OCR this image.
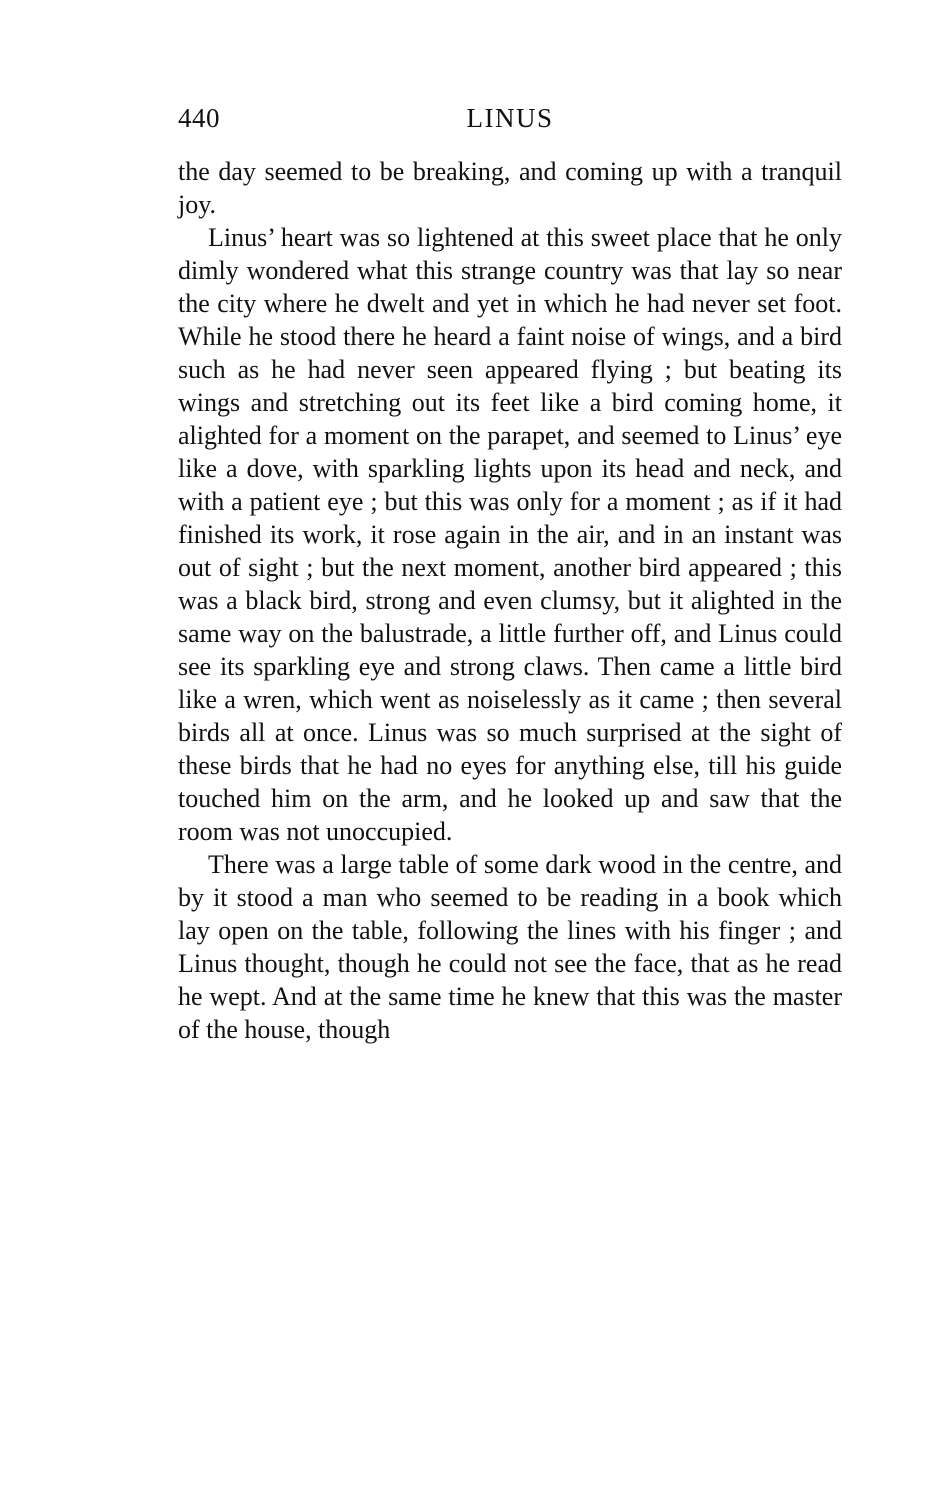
440	LINUS

the day seemed to be breaking, and coming up with a tranquil joy.

Linus’ heart was so lightened at this sweet place that he only dimly wondered what this strange country was that lay so near the city where he dwelt and yet in which he had never set foot. While he stood there he heard a faint noise of wings, and a bird such as he had never seen appeared flying ; but beating its wings and stretching out its feet like a bird coming home, it alighted for a moment on the parapet, and seemed to Linus’ eye like a dove, with sparkling lights upon its head and neck, and with a patient eye ; but this was only for a moment ; as if it had finished its work, it rose again in the air, and in an instant was out of sight ; but the next moment, another bird appeared ; this was a black bird, strong and even clumsy, but it alighted in the same way on the balustrade, a little further off, and Linus could see its sparkling eye and strong claws. Then came a little bird like a wren, which went as noiselessly as it came ; then several birds all at once. Linus was so much surprised at the sight of these birds that he had no eyes for anything else, till his guide touched him on the arm, and he looked up and saw that the room was not unoccupied.

There was a large table of some dark wood in the centre, and by it stood a man who seemed to be reading in a book which lay open on the table, following the lines with his finger ; and Linus thought, though he could not see the face, that as he read he wept. And at the same time he knew that this was the master of the house, though
